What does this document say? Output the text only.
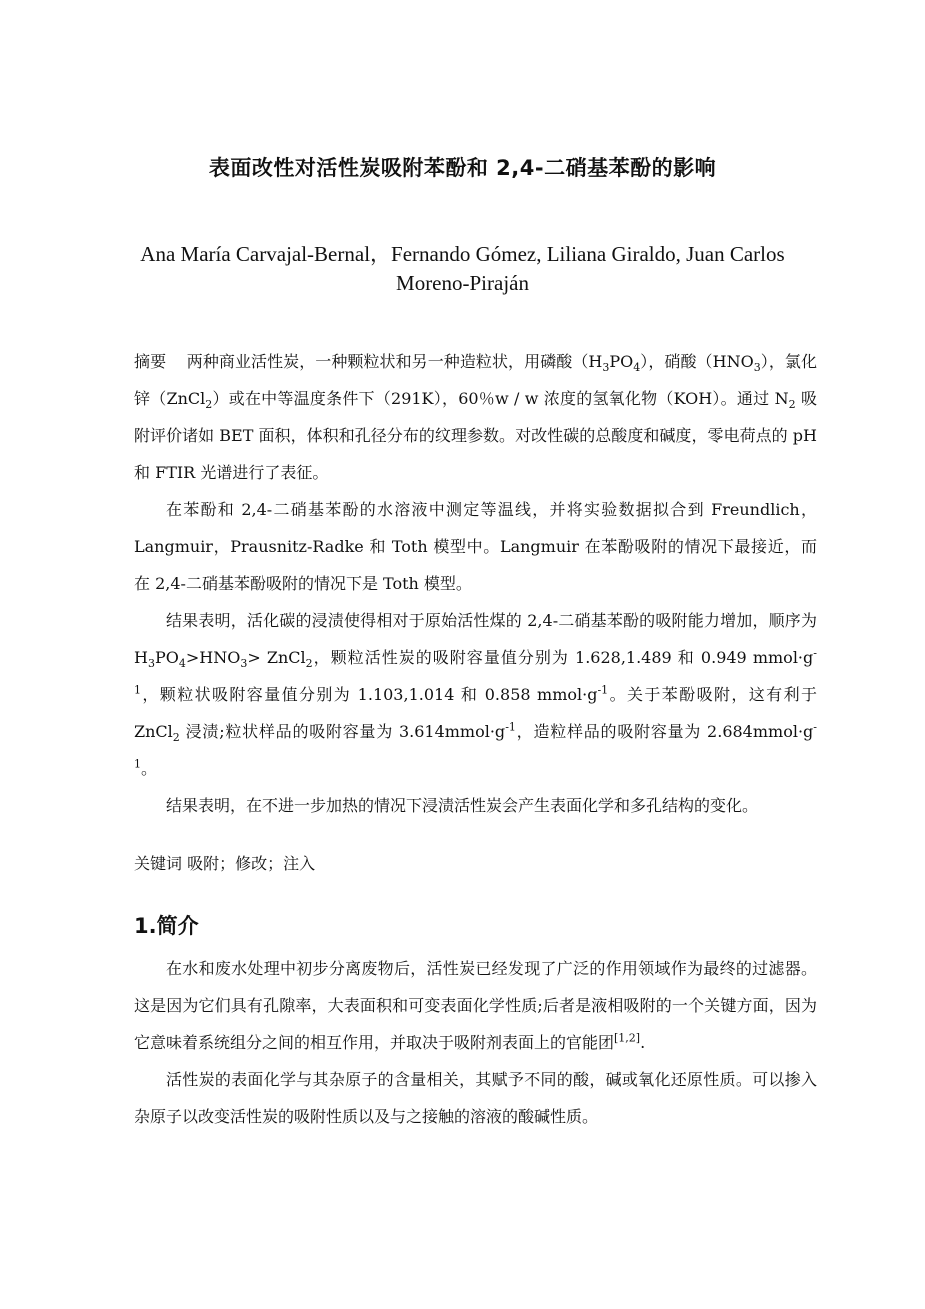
表面改性对活性炭吸附苯酚和 2,4-二硝基苯酚的影响
Ana María Carvajal-Bernal，Fernando Gómez, Liliana Giraldo, Juan Carlos Moreno-Piraján

摘要 两种商业活性炭，一种颗粒状和另一种造粒状，用磷酸$(H_3PO_4)$，硝酸$(HNO_3)$，氯化锌（ZnCl$_2$）或在中等温度条件下（291K），60％w / w 浓度的氢氧化物（KOH）。通过 $N_2$ 吸附评价诸如 BET 面积，体积和孔径分布的纹理参数。对改性碳的总酸度和碱度，零电荷点的 pH 和 FTIR 光谱进行了表征。

在苯酚和 2,4-二硝基苯酚的水溶液中测定等温线，并将实验数据拟合到 Freundlich，Langmuir，Prausnitz-Radke 和 Toth 模型中。Langmuir 在苯酚吸附的情况下最接近，而在 2,4-二硝基苯酚吸附的情况下是 Toth 模型。

结果表明，活化碳的浸渍使得相对于原始活性煤的 2,4-二硝基苯酚的吸附能力增加，顺序为 $H_3PO_4>HNO_3>$ ZnCl$_2$，颗粒活性炭的吸附容量值分别为 1.628,1.489 和 0.949 $mmol\cdot g^{-1}$，颗粒状吸附容量值分别为 1.103,1.014 和 0.858 $mmol\cdot g^{-1}$。关于苯酚吸附，这有利于 ZnCl$_2$ 浸渍;粒状样品的吸附容量为 $3.614mmol\cdot g^{-1}$，造粒样品的吸附容量为 $2.684mmol\cdot g^{-1}$。

结果表明，在不进一步加热的情况下浸渍活性炭会产生表面化学和多孔结构的变化。

关键词 吸附；修改；注入
1.简介

在水和废水处理中初步分离废物后，活性炭已经发现了广泛的作用领域作为最终的过滤器。这是因为它们具有孔隙率，大表面积和可变表面化学性质;后者是液相吸附的一个关键方面，因为它意味着系统组分之间的相互作用，并取决于吸附剂表面上的官能团[1,2].

活性炭的表面化学与其杂原子的含量相关，其赋予不同的酸，碱或氧化还原性质。可以掺入杂原子以改变活性炭的吸附性质以及与之接触的溶液的酸碱性质。
